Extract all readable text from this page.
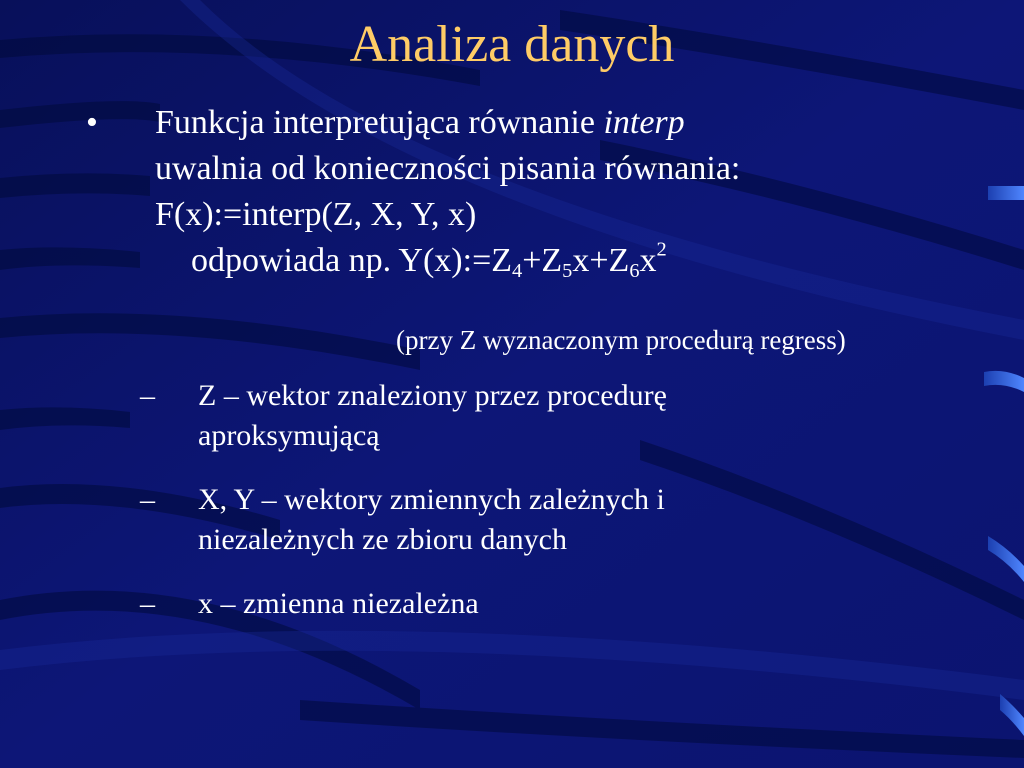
Analiza danych
• Funkcja interpretująca równanie interp
uwalnia od konieczności pisania równania:
F(x):=interp(Z, X, Y, x)
odpowiada np. $Y(x):=Z_4+Z_5x+Z_6x^2$
(przy Z wyznaczonym procedurą regress)
– Z – wektor znaleziony przez procedurę
aproksymującą
– X, Y – wektory zmiennych zależnych i
niezależnych ze zbioru danych
– x – zmienna niezależna
